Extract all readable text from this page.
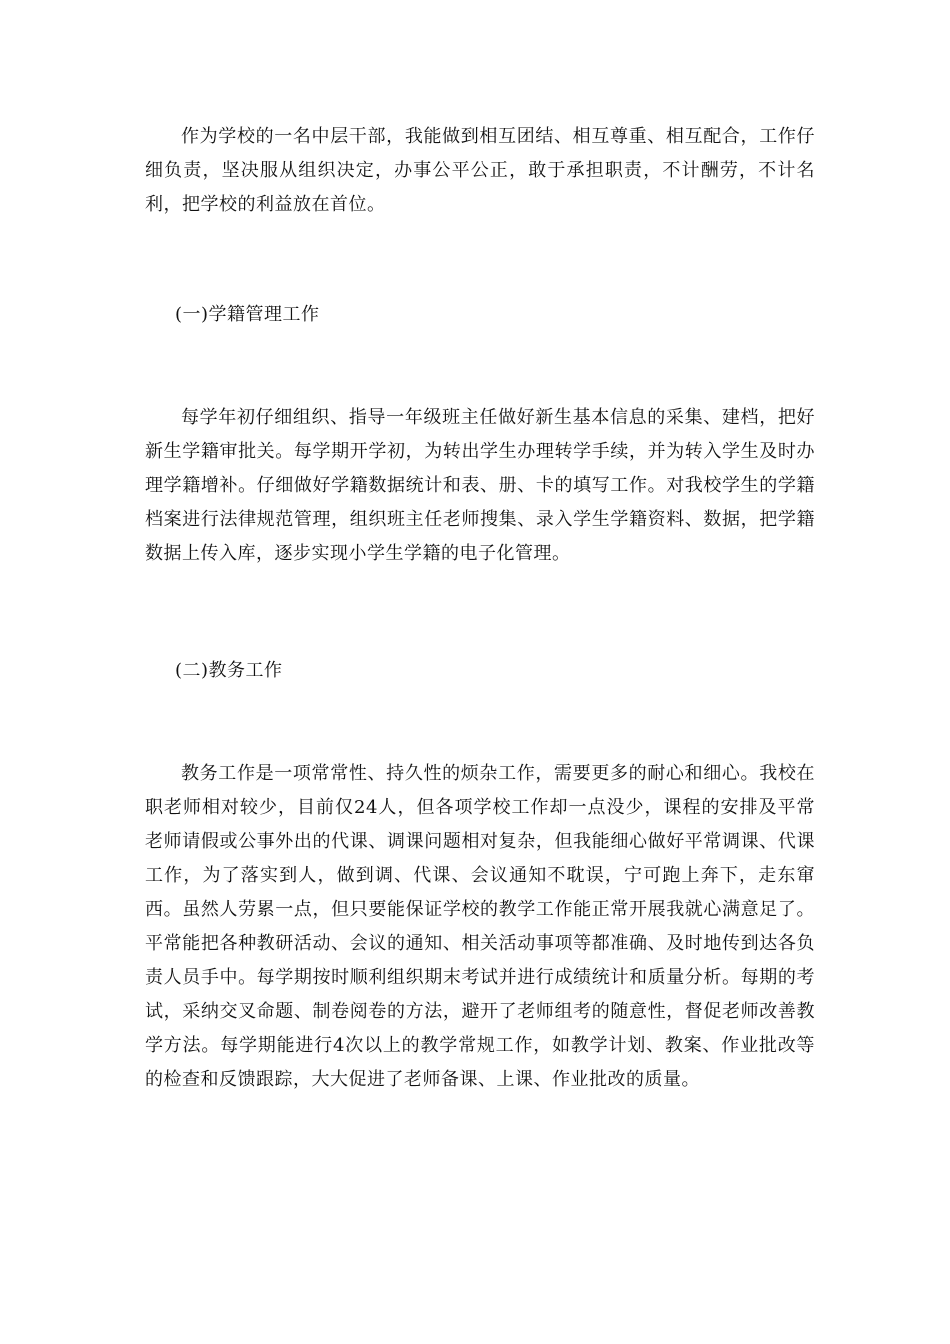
作为学校的一名中层干部，我能做到相互团结、相互尊重、相互配合，工作仔细负责，坚决服从组织决定，办事公平公正，敢于承担职责，不计酬劳，不计名利，把学校的利益放在首位。

(一)学籍管理工作

每学年初仔细组织、指导一年级班主任做好新生基本信息的采集、建档，把好新生学籍审批关。每学期开学初，为转出学生办理转学手续，并为转入学生及时办理学籍增补。仔细做好学籍数据统计和表、册、卡的填写工作。对我校学生的学籍档案进行法律规范管理，组织班主任老师搜集、录入学生学籍资料、数据，把学籍数据上传入库，逐步实现小学生学籍的电子化管理。

(二)教务工作

教务工作是一项常常性、持久性的烦杂工作，需要更多的耐心和细心。我校在职老师相对较少，目前仅24人，但各项学校工作却一点没少，课程的安排及平常老师请假或公事外出的代课、调课问题相对复杂，但我能细心做好平常调课、代课工作，为了落实到人，做到调、代课、会议通知不耽误，宁可跑上奔下，走东窜西。虽然人劳累一点，但只要能保证学校的教学工作能正常开展我就心满意足了。平常能把各种教研活动、会议的通知、相关活动事项等都准确、及时地传到达各负责人员手中。每学期按时顺利组织期末考试并进行成绩统计和质量分析。每期的考试，采纳交叉命题、制卷阅卷的方法，避开了老师组考的随意性，督促老师改善教学方法。每学期能进行4次以上的教学常规工作，如教学计划、教案、作业批改等的检查和反馈跟踪，大大促进了老师备课、上课、作业批改的质量。
